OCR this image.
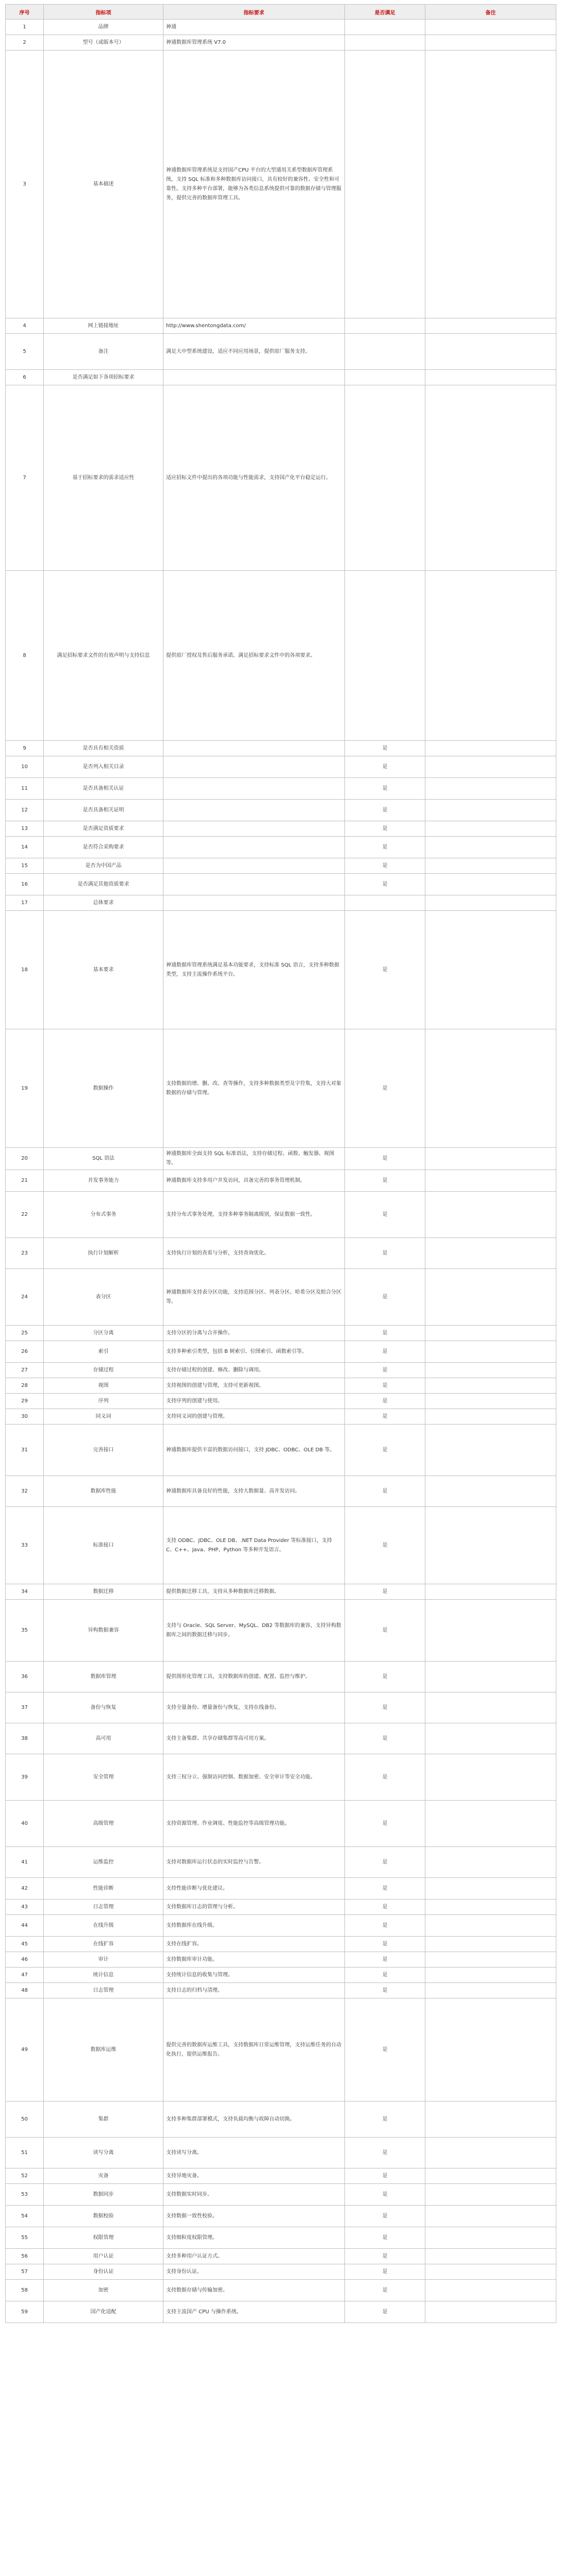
序号	指标项	指标要求	是否满足	备注
1	品牌	神通		
2	型号（或版本号）	神通数据库管理系统 V7.0		
3	基本描述	神通数据库管理系统是支持国产CPU 平台的大型通用关系型数据库管理系统，支持 SQL 标准和多种数据库访问接口，具有较好的兼容性、安全性和可靠性。支持多种平台部署，能够为各类信息系统提供可靠的数据存储与管理服务，提供完善的数据库管理工具。		
4	网上链接地址	http://www.shentongdata.com/		
5	备注	满足大中型系统建设，适应不同应用场景，提供原厂服务支持。		
6	是否满足如下各项招标要求			
7	基于招标要求的需求适应性	适应招标文件中提出的各项功能与性能需求，支持国产化平台稳定运行。		
8	满足招标要求文件的有效声明与支持信息	提供原厂授权及售后服务承诺，满足招标要求文件中的各项要求。		
9	是否具有相关资质		是	
10	是否列入相关目录		是	
11	是否具备相关认证		是	
12	是否具备相关证明		是	
13	是否满足资质要求		是	
14	是否符合采购要求		是	
15	是否为中国产品		是	
16	是否满足其他资质要求		是	
17	总体要求			
18	基本要求	神通数据库管理系统满足基本功能要求，支持标准 SQL 语言，支持多种数据类型，支持主流操作系统平台。	是	
19	数据操作	支持数据的增、删、改、查等操作，支持多种数据类型及字符集，支持大对象数据的存储与管理。	是	
20	SQL 语法	神通数据库全面支持 SQL 标准语法，支持存储过程、函数、触发器、视图等。	是	
21	并发事务能力	神通数据库支持多用户并发访问，具备完善的事务管理机制。	是	
22	分布式事务	支持分布式事务处理，支持多种事务隔离级别，保证数据一致性。	是	
23	执行计划解析	支持执行计划的查看与分析，支持查询优化。	是	
24	表分区	神通数据库支持表分区功能，支持范围分区、列表分区、哈希分区及组合分区等。	是	
25	分区分离	支持分区的分离与合并操作。	是	
26	索引	支持多种索引类型，包括 B 树索引、位图索引、函数索引等。	是	
27	存储过程	支持存储过程的创建、修改、删除与调用。	是	
28	视图	支持视图的创建与管理，支持可更新视图。	是	
29	序列	支持序列的创建与使用。	是	
30	同义词	支持同义词的创建与管理。	是	
31	完善接口	神通数据库提供丰富的数据访问接口，支持 JDBC、ODBC、OLE DB 等。	是	
32	数据库性能	神通数据库具备良好的性能，支持大数据量、高并发访问。	是	
33	标准接口	支持 ODBC、JDBC、OLE DB、.NET Data Provider 等标准接口，支持 C、C++、Java、PHP、Python 等多种开发语言。	是	
34	数据迁移	提供数据迁移工具，支持从多种数据库迁移数据。	是	
35	异构数据兼容	支持与 Oracle、SQL Server、MySQL、DB2 等数据库的兼容，支持异构数据库之间的数据迁移与同步。	是	
36	数据库管理	提供图形化管理工具，支持数据库的创建、配置、监控与维护。	是	
37	备份与恢复	支持全量备份、增量备份与恢复，支持在线备份。	是	
38	高可用	支持主备集群、共享存储集群等高可用方案。	是	
39	安全管理	支持三权分立、强制访问控制、数据加密、安全审计等安全功能。	是	
40	高级管理	支持资源管理、作业调度、性能监控等高级管理功能。	是	
41	运维监控	支持对数据库运行状态的实时监控与告警。	是	
42	性能诊断	支持性能诊断与优化建议。	是	
43	日志管理	支持数据库日志的管理与分析。	是	
44	在线升级	支持数据库在线升级。	是	
45	在线扩容	支持在线扩容。	是	
46	审计	支持数据库审计功能。	是	
47	统计信息	支持统计信息的收集与管理。	是	
48	日志管理	支持日志的归档与清理。	是	
49	数据库运维	提供完善的数据库运维工具，支持数据库日常运维管理，支持运维任务的自动化执行，提供运维报告。	是	
50	集群	支持多种集群部署模式，支持负载均衡与故障自动切换。	是	
51	读写分离	支持读写分离。	是	
52	灾备	支持异地灾备。	是	
53	数据同步	支持数据实时同步。	是	
54	数据校验	支持数据一致性校验。	是	
55	权限管理	支持细粒度权限管理。	是	
56	用户认证	支持多种用户认证方式。	是	
57	身份认证	支持身份认证。	是	
58	加密	支持数据存储与传输加密。	是	
59	国产化适配	支持主流国产 CPU 与操作系统。	是	
